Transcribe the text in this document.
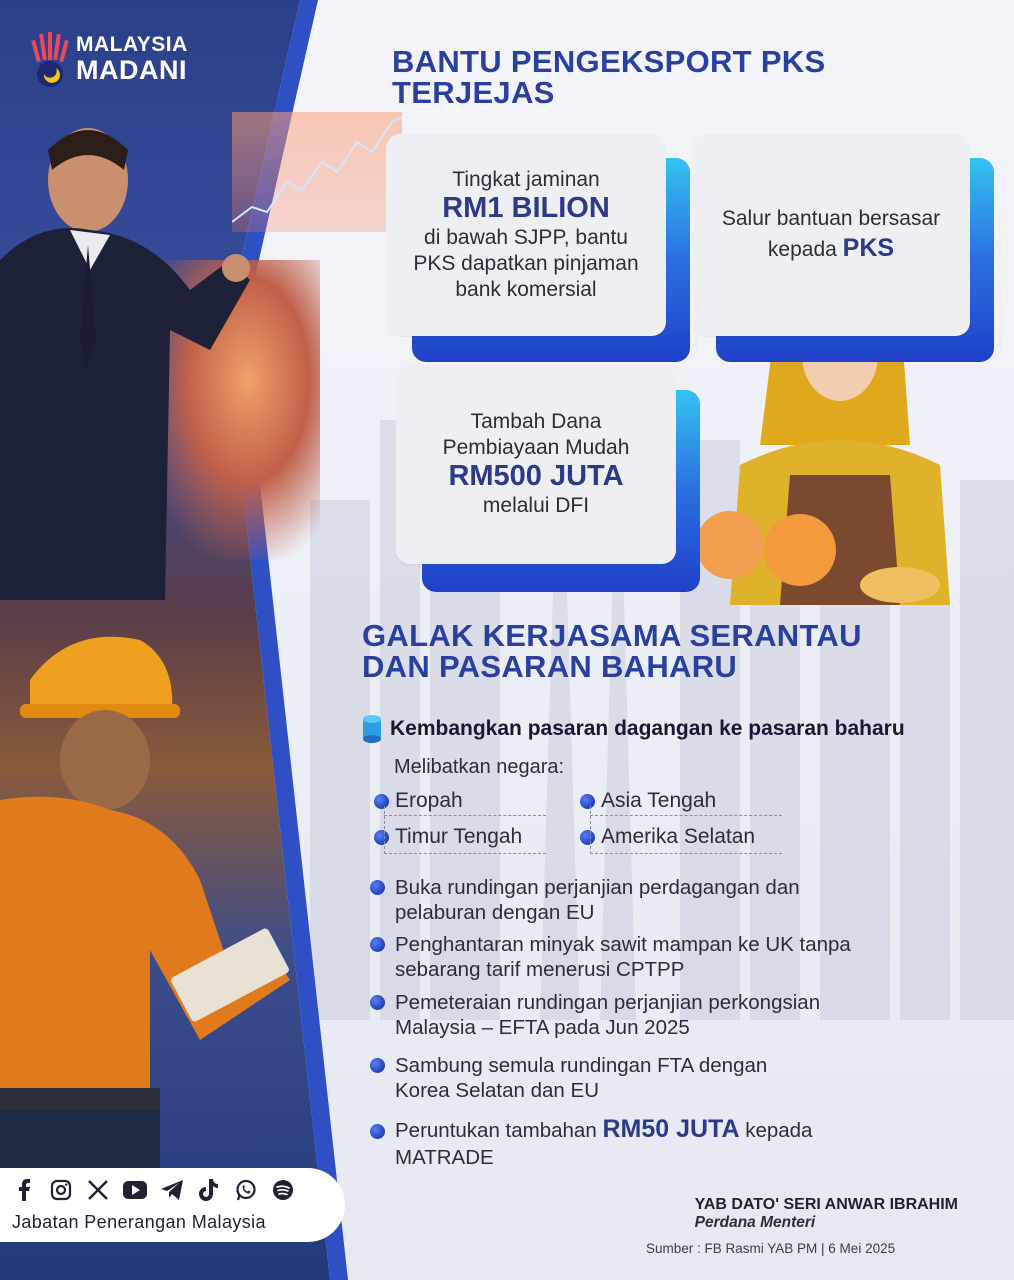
MALAYSIA
MADANI	BANTU PENGEKSPORT PKS
TERJEJAS
Tingkat jaminan
RM1 BILION
di bawah SJPP, bantu
PKS dapatkan pinjaman
bank komersial
Salur bantuan bersasar
kepada PKS
Tambah Dana
Pembiayaan Mudah
RM500 JUTA
melalui DFI
GALAK KERJASAMA SERANTAU
DAN PASARAN BAHARU
Kembangkan pasaran dagangan ke pasaran baharu
Melibatkan negara:
Eropah	Asia Tengah
Timur Tengah	Amerika Selatan
Buka rundingan perjanjian perdagangan dan
pelaburan dengan EU
Penghantaran minyak sawit mampan ke UK tanpa
sebarang tarif menerusi CPTPP
Pemeteraian rundingan perjanjian perkongsian
Malaysia – EFTA pada Jun 2025
Sambung semula rundingan FTA dengan
Korea Selatan dan EU
Peruntukan tambahan RM50 JUTA kepada
MATRADE
Jabatan Penerangan Malaysia
YAB DATO' SERI ANWAR IBRAHIM
Perdana Menteri
Sumber : FB Rasmi YAB PM | 6 Mei 2025
